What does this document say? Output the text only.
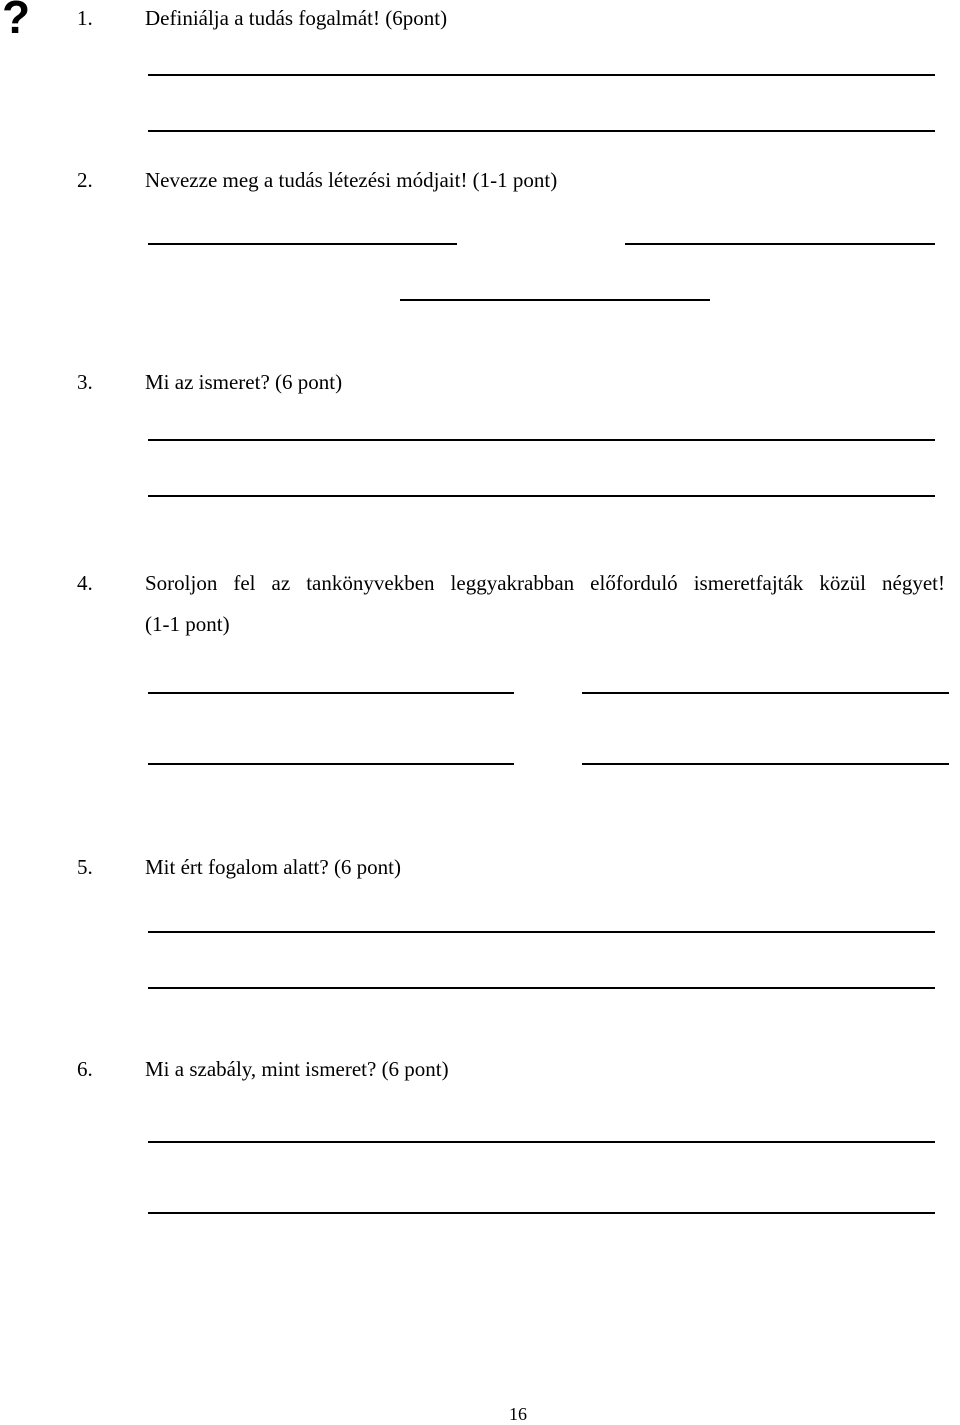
? 1. Definiálja a tudás fogalmát! (6pont)
2. Nevezze meg a tudás létezési módjait! (1-1 pont)
3. Mi az ismeret? (6 pont)
4. Soroljon fel az tankönyvekben leggyakrabban előforduló ismeretfajták közül négyet!
(1-1 pont)
5. Mit ért fogalom alatt? (6 pont)
6. Mi a szabály, mint ismeret? (6 pont)
16
